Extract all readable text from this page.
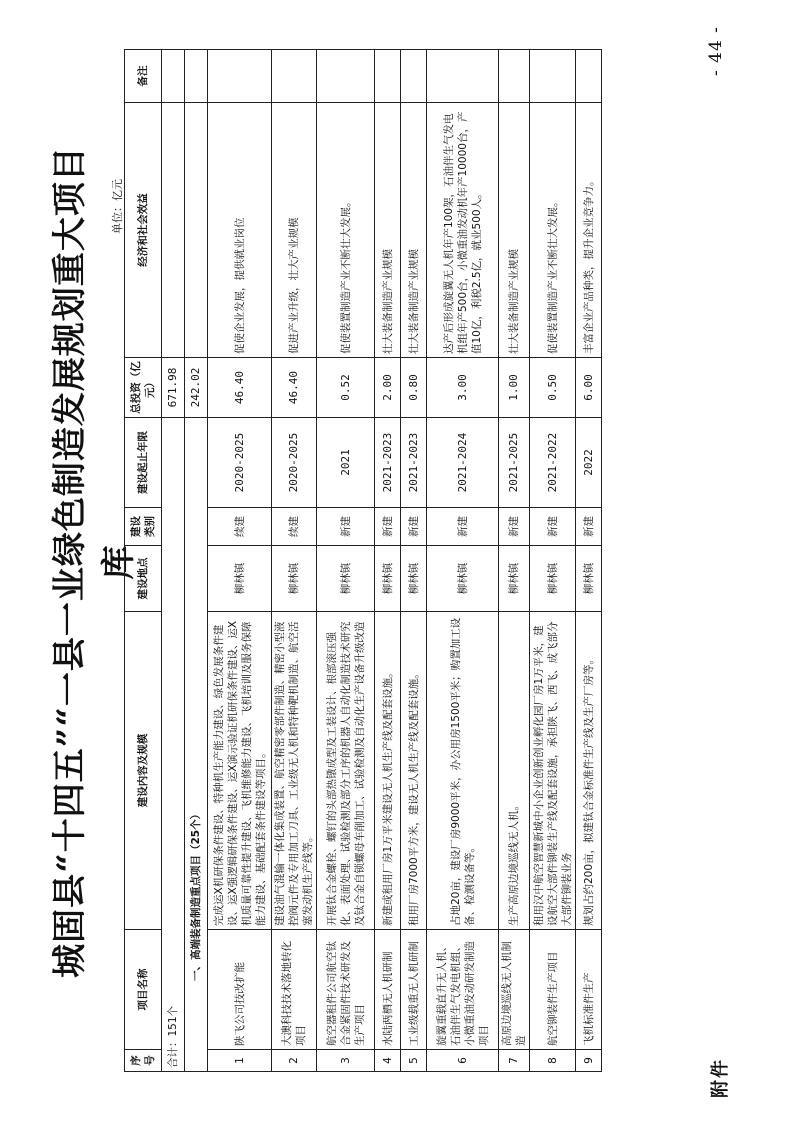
附件
城固县“十四五”“一县一业绿色制造发展规划重大项目库
单位：亿元
序号	项目名称	建设内容及规模	建设地点	建设类别	建设起止年限	总投资（亿元）	经济和社会效益	备注
合计：151个						671.98		
一、高端装备制造重点项目（25个）						242.02		
1	陕飞公司技改扩能	完成运X机研保条件建设、特种机生产能力建设、绿色发展条件建设、运X强逻辑研保条件建设、运X演示验证机研保条件建设、运X机质量可靠性提升建设、飞机维修能力建设、飞机培训及服务保障能力建设、基础配套条件建设等项目。	柳林镇	续建	2020-2025	46.40	促使企业发展，提供就业岗位	
2	大澳科技技术落地转化项目	建设油气混输一体化集成装置、航空精密零部件制造、精密小型液控阀元件及专用加工刀具、工业级无人机和特种靶机制造、航空活塞发动机生产线等。	柳林镇	续建	2020-2025	46.40	促进产业升级，壮大产业规模	
3	航空器租件公司航空钛合金紧固件技术研发及生产项目	开展钛合金螺栓、螺钉的头部热镦成型及工装设计、根部滚压强化、表面处理、试验检测及部分工序的机器人自动化制造技术研究及钛合金自锁螺母车削加工、试验检测及自动化生产设备升级改造	柳林镇	新建	2021	0.52	促使装置制造产业不断壮大发展。	
4	水陆两栖无人机研制	新建或租用厂房1万平米建设无人机生产线及配套设施。	柳林镇	新建	2021-2023	2.00	壮大装备制造产业规模	
5	工业级载重无人机研制	租用厂房7000平方米，建设无人机生产线及配套设施。	柳林镇	新建	2021-2023	0.80	壮大装备制造产业规模	
6	旋翼重载直升无人机、石油伴生气发电机组、小微重油发动研发制造项目	占地20亩，建设厂房9000平米，办公用房1500平米；购置加工设备、检测设备等。	柳林镇	新建	2021-2024	3.00	达产后形成旋翼无人机年产100架，石油伴生气发电机组年产500台，小微重油发动机年产10000台，产值10亿，利税2.5亿，就业500人。	
7	高原边境巡线无人机制造	生产高原边境巡线无人机。	柳林镇	新建	2021-2025	1.00	壮大装备制造产业规模	
8	航空铆装件生产项目	租用汉中航空智慧新城中小企业创新创业孵化园厂房1万平米，建设航空大部件铆装生产线及配套设施，承担陕飞、西飞、成飞部分大部件铆装业务	柳林镇	新建	2021-2022	0.50	促使装置制造产业不断壮大发展。	
9	飞机标准件生产	规划占约200亩，拟建钛合金标准件生产线及生产厂房等。	柳林镇	新建	2022	6.00	丰富企业产品种类，提升企业竞争力。	
- 44 -
